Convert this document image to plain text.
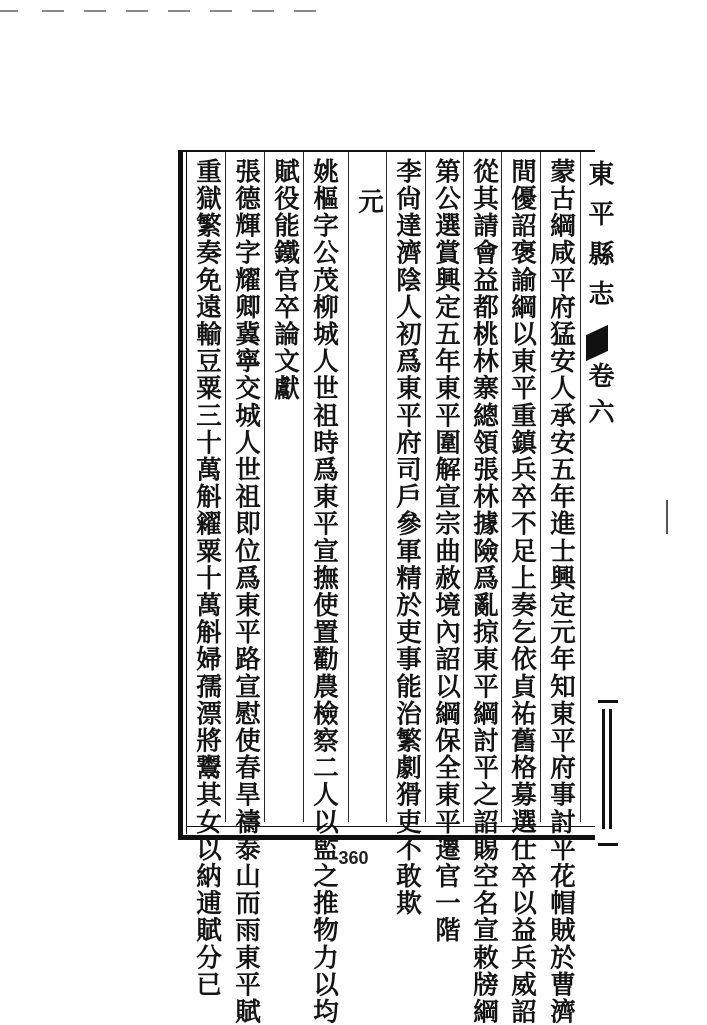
東平縣志
卷六
蒙古綱咸平府猛安人承安五年進士興定元年知東平府事討平花帽賊於曹濟
間優詔褒諭綱以東平重鎮兵卒不足上奏乞依貞祐舊格募選仕卒以益兵威詔
從其請會益都桃林寨總領張林據險爲亂掠東平綱討平之詔賜空名宣敕牓綱
第公選賞興定五年東平圍解宣宗曲赦境內詔以綱保全東平遷官一階
李尙達濟陰人初爲東平府司戶參軍精於吏事能治繁劇猾吏不敢欺
元
姚樞字公茂柳城人世祖時爲東平宣撫使置勸農檢察二人以監之推物力以均
賦役能鐵官卒論文獻
張德輝字耀卿冀寧交城人世祖即位爲東平路宣慰使春旱禱泰山而雨東平賦
重獄繁奏免遠輸豆粟三十萬斛糴粟十萬斛婦孺漂將鬻其女以納逋賦分已	360
